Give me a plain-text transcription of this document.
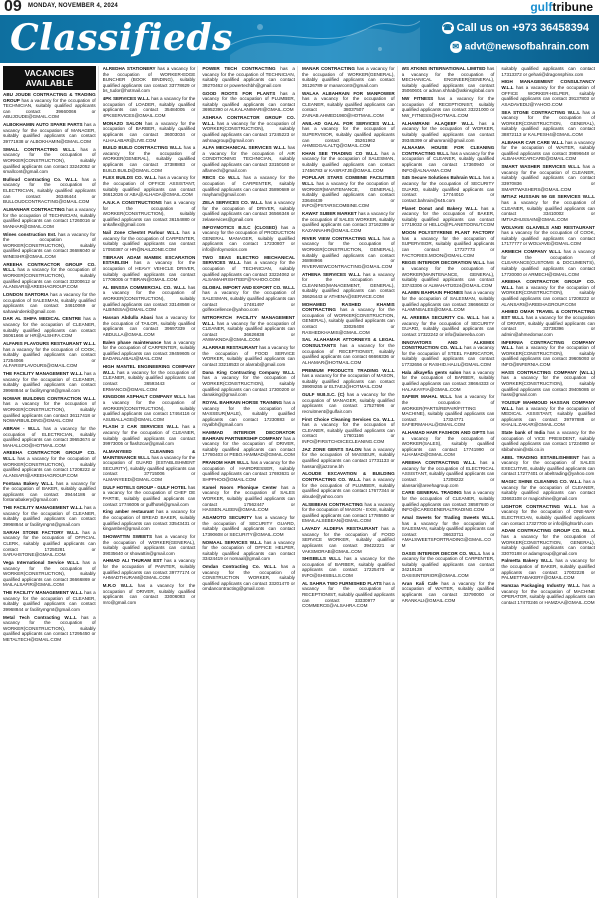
09 MONDAY, NOVEMBER 4, 2024	gulftribune
Classifieds	☎ Call us on +973 36458394
✉ advt@newsofbahrain.com
VACANCIES AVAILABLE

ABU JOUDE CONTRACTING & TRADING GROUP has a vacancy for the occupation of TECHNICIAN, suitably qualified applicants can contact 39660066 or ABUJOUDE@GMAIL.COM

ALBOKHAMIN AUTO SPARE PARTS has a vacancy for the occupation of MANAGER, suitably qualified applicants can contact 39771938 or ALBOKHAMIN@GMAIL.COM

SMALL CONTRACTING W.L.L has a vacancy for the occupation of WORKER(CONSTRUCTION), suitably qualified applicants can contact 33242052 or smallcont@gmail.com

Bulloud Contracting Co. W.L.L has a vacancy for the occupation of ELECTRICIAN, suitably qualified applicants can contact 36346444 or BULLOUDCONTRACTING@GMAIL.COM

ALMANHAR CONTRACTING has a vacancy for the occupation of TECHNICIAN, suitably qualified applicants can contact 17260016 or MANHAR@GMAIL.COM

Wines construction Est. has a vacancy for the occupation of WORKER(CONSTRUCTION), suitably qualified applicants can contact 36686040 or WINESHR@GMAIL.COM

AREEHA CONTRACTOR GROUP CO. W.L.L has a vacancy for the occupation of WORKER(CONSTRUCTION), suitably qualified applicants can contact 33200612 or ALANSARI@AREEHAGROUP.COM

LONDON SARTORIA has a vacancy for the occupation of SALESMAN, suitably qualified applicants can contact 34610069 or sahawindenk@gmail.com

DAR AL SHIFA MEDICAL CENTRE has a vacancy for the occupation of CLEANER, suitably qualified applicants can contact 36061666 or HR@ALSHIFA.COM

ALFARIS FLAVOURS RESTAURANT W.L.L has a vacancy for the occupation of COOK, suitably qualified applicants can contact 17254066 or ALFARISFLAVOURS@GMAIL.COM

THE FACILITY MANAGEMENT W.L.L has a vacancy for the occupation of CLEANER, suitably qualified applicants can contact 39968844 or facilitymgmt@gmail.com

NOWAR BUILDING CONTRACTION W.L.L has a vacancy for the occupation of WORKER(CONSTRUCTION), suitably qualified applicants can contact 36117418 or NOWARBUILDING@GMAIL.COM

ABRAH - W.L.L has a vacancy for the occupation of ELECTRICIAN, suitably qualified applicants can contact 39653674 or MAHALLOO@HOTMAIL.COM

AREEHA CONTRACTOR GROUP CO. W.L.L has a vacancy for the occupation of WORKER(CONSTRUCTION), suitably qualified applicants can contact 17208222 or ALANSARI@AREEHAGROUP.COM

Fontana Bakery W.L.L has a vacancy for the occupation of BAKER, suitably qualified applicants can contact 39444186 or fontanabakery@gmail.com

THE FACILITY MANAGEMENT W.L.L has a vacancy for the occupation of CLEANER, suitably qualified applicants can contact 39968844 or facilitymgmt@gmail.com

SARAH STONE FACTORY W.L.L has a vacancy for the occupation of OFFICIAL CLERK, suitably qualified applicants can contact 17250281 or SARAHSTONE@GMAIL.COM

Vega International Service W.L.L has a vacancy for the occupation of WORKER(CONSTRUCTION), suitably qualified applicants can contact 36666869 or MAILALSAFIR@GMAIL.COM

THE FACILITY MANAGEMENT W.L.L has a vacancy for the occupation of CLEANER, suitably qualified applicants can contact 39968844 or facilitymgmt@gmail.com

Metal Tech Contracting W.L.L has a vacancy for the occupation of WORKER(CONSTRUCTION), suitably qualified applicants can contact 17295450 or METALTECH@GMAIL.COM

ALREDHA STATIONERY has a vacancy for the occupation of WORKER-EDGE BUNCHER (BOOK BINDING), suitably qualified applicants can contact 33778629 or bs_tudor@hotmail.com

4PK SERVICES W.L.L has a vacancy for the occupation of LOADER, suitably qualified applicants can contact 35484005 or 4PKSERVICES@GMAIL.COM

MONAZO SALON has a vacancy for the occupation of BARBER, suitably qualified applicants can contact 36003034 or ALHALABAR@LIVE.COM

BUILD BUILD CONTRACTING W.L.L has a vacancy for the occupation of WORKER(GENERAL), suitably qualified applicants can contact 37388883 or BUILD.BUILD@GMAIL.COM

FLEX BUILDS CO. W.L.L has a vacancy for the occupation of OFFICE ASSISTANT, suitably qualified applicants can contact 36612026 or ABA@ALHADA@GMAIL.COM

A.N.K.A CONSTRUCTIONS has a vacancy for the occupation of WORKER(CONSTRUCTION), suitably qualified applicants can contact 36154880 or ankaflex@gmail.com

Nail Zone Chestnt Parlour W.L.L has a vacancy for the occupation of CARPENTER, suitably qualified applicants can contact 17050387 or HR@NAILZONE.COM

TIBRAAN ADAM MAMEK ESCARATION ESTABLISH has a vacancy for the occupation of HEAVY VEHICLE DRIVER, suitably qualified applicants can contact 17706005 or TIBRAN@GMAIL.COM

AL BINSSA COMMERCIAL CO. W.L.L has a vacancy for the occupation of WORKER(CONSTRUCTION), suitably qualified applicants can contact 33148568 or ALBINSSA@GMAIL.COM

Hassan Abdulla Abasi has a vacancy for the occupation of TAILOR, suitably qualified applicants can contact 39697339 or ABDULLA@GMAIL.COM

Balen phase maintenance has a vacancy for the occupation of CARPENTER, suitably qualified applicants can contact 39459605 or BADANLAIBAU@MAIL.COM

HIGH MANTEL ENGINEERING COMPANY W.L.L has a vacancy for the occupation of CLEANER, suitably qualified applicants can contact 36593443 or ERMANCO@GMAIL.COM

KINGDOM ASPHALT COMPANY W.L.L has a vacancy for the occupation of WORKER(CONSTRUCTION), suitably qualified applicants can contact 17464116 or ASUBALLAGE@GMAIL.COM

FLASH 2 CAR SERVICES W.L.L has a vacancy for the occupation of CLEANER, suitably qualified applicants can contact 39973005 or flash2car@gmail.com

ALMANYEED CLEANING & MAINTENANCE W.L.L has a vacancy for the occupation of GUARD (ESTABLISHMENT SECURITY), suitably qualified applicants can contact 37715006 or ALMANYEED@GMAIL.COM

GULF HOTELS GROUP - GULF HOTEL has a vacancy for the occupation of CHEF DE PARTIE, suitably qualified applicants can contact 17746006 or gulfhotel@gmail.com

King amber restaurant has a vacancy for the occupation of BREAD BAKER, suitably qualified applicants can contact 33543431 or kingamber@gmail.com

SHOWATTIN SWEETS has a vacancy for the occupation of WORKER(GENERAL), suitably qualified applicants can contact 39035640 or showattin@gmail.com

AHMAD ALI THURAM EST has a vacancy for the occupation of PAINTER, suitably qualified applicants can contact 39777174 or AHMADTHURAM@GMAIL.COM

M.R.O W.L.L has a vacancy for the occupation of DRIVER, suitably qualified applicants can contact 33006083 or mro@gmail.com

POWER TECH CONTRACTING has a vacancy for the occupation of TECHNICIAN, suitably qualified applicants can contact 39270462 or powertechbh@gmail.com

GOOD ROOTS FOR PLANTS has a vacancy for the occupation of PLUMBER, suitably qualified applicants can contact 36952390 or ALKALANIMARI@GMAIL.COM

ASHRAA CONTRACTOR GROUP CO. W.L.L has a vacancy for the occupation of WORKER(CONSTRUCTION), suitably qualified applicants can contact 17245223 or ashraagroup@gmail.com

ALFA MECHANICAL SERVICES W.L.L has a vacancy for the occupation of AIR CONDITIONING TECHNICIAN, suitably qualified applicants can contact 33150160 or alfamech@gmail.com

RBCS Co W.L.L has a vacancy for the occupation of CARPENTER, suitably qualified applicants can contact 35890689 or mayham@gmail.com

ZELA SERVICES CO. W.L.L has a vacancy for the occupation of DRIVER, suitably qualified applicants can contact 36566346 or zelaservices@gmail.com

INFOYMOTICS B.S.C (CLOSED) has a vacancy for the occupation of PRODUCTION GENERAL MANAGER, suitably qualified applicants can contact 17230807 or info@infoymotics.com

TWO SEAS ELECTRO MECHANICAL SERVICES W.L.L has a vacancy for the occupation of TECHNICIAN, suitably qualified applicants can contact 33224062 or ALSAMAHRISHTEEF@YAHOO.COM

GLOBAL IMPORT AND EXPORT CO. W.L.L has a vacancy for the occupation of SALESMAN, suitably qualified applicants can contact 17481497 or golfexcellence@yahoo.com

NITROPATCH FACILITY MANAGEMENT W.L.L has a vacancy for the occupation of CLEANER, suitably qualified applicants can contact 36626838 or ANWAKNDA@GMAIL.COM

ALARRAB RESTAURANT has a vacancy for the occupation of FOOD SERVICE WORKER, suitably qualified applicants can contact 33218533 or alarrab@gmail.com

Dana King Contracting Company W.L.L has a vacancy for the occupation of WORKER(CONSTRUCTION), suitably qualified applicants can contact 17300200 or danaking@gmail.com

ROYAL BAHRAIN HORSE TRAINING has a vacancy for the occupation of MASSEUR(MALE), suitably qualified applicants can contact 17230883 or royalbh@gmail.com

HAMMAD INTERIOR DECORATOR BAHRAIN PARTNERSHIP COMPANY has a vacancy for the occupation of DRIVER, suitably qualified applicants can contact 17780403 or PEBO.HAMMAD@GMAIL.COM

PRANOM HAIR W.L.L has a vacancy for the occupation of HAIRDRESSER, suitably qualified applicants can contact 17693631 or SHPPHOO@GMAIL.COM

Kamel Noors Phonique Center has a vacancy for the occupation of SALES WORKER, suitably qualified applicants can contact 17562447 or HASSEN.ALEEN@GMAIL.COM

AGAMOTO SECURITY has a vacancy for the occupation of SECURITY GUARD, suitably qualified applicants can contact 17390608 or SECURITY@GMAIL.COM

NOMAAL SERVICES W.L.L has a vacancy for the occupation of OFFICE HELPER, suitably qualified applicants can contact 33424419 or nomaal@gmail.com

Omdan Contracting Co. W.L.L has a vacancy for the occupation of CONSTRUCTION WORKER, suitably qualified applicants can contact 33201470 or omdancontracting@gmail.com

MANAR CONTRACTING has a vacancy for the occupation of WORKER(GENERAL), suitably qualified applicants can contact 36126789 or manarcontr@gmail.com

WALAA ALBAHRAIN FOR MANPOWER has a vacancy for the occupation of CLEANER, suitably qualified applicants can contact 38037507 or ZAINAB.AHMED1980@HOTMAIL.COM

ANIL-AD GALAL FOR SERVICES W.L.L has a vacancy for the occupation of SUPERVISOR, suitably qualified applicants can contact 35261962 or AHMEDGALALTQ@GMAIL.COM

KHAN SEE TRADING CO W.L.L has a vacancy for the occupation of SALESMAN, suitably qualified applicants can contact 17456783 or KASRATJE@GMAIL.COM

POPULAR STARS COMBINE FACILITIES W.L.L has a vacancy for the occupation of WORKER(MAINTENANCE, GENERAL), suitably qualified applicants can contact 33648439 or INFO@PSTARSCOMBINE.COM

KAWAT SUBER MARKET has a vacancy for the occupation of SALES WORKER, suitably qualified applicants can contact 37162399 or KAZANNAHR@GMAIL.COM

RIVER VIEW CONTRACTING W.L.L has a vacancy for the occupation of WORKER(CONSTRUCTION, GENERAL), suitably qualified applicants can contact 36898966 or RIVERVIEWCONTRACTING@GMAIL.COM

ATHENA SERVICES W.L.L has a vacancy for the occupation of CLEANING(MANAGEMENT, GENERAL), suitably qualified applicants can contact 36626443 or ATHENA@SERVICE.COM

MOHAMED RASHED KHAMIS CONTRACTING has a vacancy for the occupation of WORKER(CONSTRUCTION, GENERAL), suitably qualified applicants can contact 33026408 or RASHEDKHAMIS@GMAIL.COM

SAL ALAHAMAR ATTORNEYS & LEGAL CONSULTANTS has a vacancy for the occupation of RECEPTIONIST, suitably qualified applicants can contact 66666336 or ALHAMAR@HOTMAIL.COM

PREMIUM PRODUCTS TRADING W.L.L has a vacancy for the occupation of MASON, suitably qualified applicants can contact 39909255 or ELTAEJ@HOTMAIL.COM

GULF W.B.S.C. (C) has a vacancy for the occupation of MANAGER, suitably qualified applicants can contact 17527696 or recruitment@gulfair.com

First Choice Cleaning Services Co. W.L.L has a vacancy for the occupation of CLEANER, suitably qualified applicants can contact 17601166 or INFO@FIRSTCHOICECLEANING.COM

JAZ ZONE GENTS SALON has a vacancy for the occupation of MASSEUR, suitably qualified applicants can contact 17731133 or hassan@jazzone.bh

ALOUDE EXCAVATION & BUILDING CONTRACTING CO. W.L.L has a vacancy for the occupation of PLUMBER, suitably qualified applicants can contact 17677344 or aloude@yahoo.com

ALSEBEAN CONTRACTING has a vacancy for the occupation of MASON - EXSI, suitably qualified applicants can contact 17785550 or EMAILALSEBEAN@GMAIL.COM

LAVADY ALDEFIA RESTAURANT has a vacancy for the occupation of FOOD SERVICE WORKER, suitably qualified applicants can contact 39422221 or VAKSMORAB@GMAIL.COM

SHISBILLS W.L.L has a vacancy for the occupation of BARBER, suitably qualified applicants can contact 17225470 or INFO@SHISBILLS.COM

AL SAHRA TWO FURNISHED FLATS has a vacancy for the occupation of RECEPTIONIST, suitably qualified applicants can contact 33330977 or COMMERCE@ALSAHRA.COM

WS ATKINS INTERNATIONAL LIMITED has a vacancy for the occupation of MECHANICAL ENGINEER(GENERAL), suitably qualified applicants can contact 35060601 or adnan.shhab@atkinsglobal.com

NW FITNESS has a vacancy for the occupation of RECEPTIONIST, suitably qualified applicants can contact 33221000 or NW_FITNESS@HOTMAIL.COM

ALHAMRANI ALAQEEF W.L.L has a vacancy for the occupation of WORKER, suitably qualified applicants can contact 39345399 or alhamrani@gmail.com

ALNAAMA HOUSE FOR CLEANING CONTRACTING W.L.L has a vacancy for the occupation of CLEANER, suitably qualified applicants can contact 17360940 or INFO@ALNAAMA.COM

S45 Secure Solutions Bahrain W.L.L has a vacancy for the occupation of SECURITY GUARD, suitably qualified applicants can contact 17744010 or contact.bahrain@s45.com

Planet Donut and Bakery W.L.L has a vacancy for the occupation of BAKER, suitably qualified applicants can contact 17719032 or HELLO@PLANETDONUT.COM

MOON POLYSTYRENE PLANT FACTORY has a vacancy for the occupation of SUPERVISOR, suitably qualified applicants can contact 17727773 or FACTORIES.MOON@GMAIL.COM

REGIS INTERIOR DECORATION W.L.L has a vacancy for the occupation of WORKER(MAINTENANCE, GENERAL), suitably qualified applicants can contact 33743306 or ALWAHATI2024@GMAIL.COM

ALAMIN BAHRAIN PHONES has a vacancy for the occupation of SALESMAN, suitably qualified applicants can contact 36666632 or ALAMINSALES@GMAIL.COM

AL AREEBA SECURITY Co. W.L.L has a vacancy for the occupation of SECURITY GUARD, suitably qualified applicants can contact 17322242 or info@alareeba.com

INNOVATORS AND ALKEMIX CONSTRUCTION CO. W.L.L has a vacancy for the occupation of STEEL FABRICATOR, suitably qualified applicants can contact 17732656 or RASHID.HALIL@GMAIL.COM

Hala alkayefia gents salon has a vacancy for the occupation of BARBER, suitably qualified applicants can contact 38664333 or HALAKAYFIA@GMAIL.COM

SAFIER MAHAL W.L.L has a vacancy for the occupation of WORKER(PARTS/REPAIR/FITTING MACHINE), suitably qualified applicants can contact 17324771 or SAFIERMAHAL@GMAIL.COM

ALHAMAD HAIR FASHION AND GIFTS has a vacancy for the occupation of WORKER(SALES), suitably qualified applicants can contact 17741990 or ALHAMAD@GMAIL.COM

AREEHA CONTRACTING W.L.L has a vacancy for the occupation of ELECTRICAL ASSISTANT, suitably qualified applicants can contact 17208222 or alansari@areehagroup.com

CARE GENERAL TRADING has a vacancy for the occupation of CLEANER, suitably qualified applicants can contact 36587840 or INFO@CAREGENERALTRADING.COM

Amal Sweets for Trading Sweets W.L.L has a vacancy for the occupation of SALESMAN, suitably qualified applicants can contact 36633711 or AMALSWEETSFORTRADING@GMAIL.COM

OASIS INTERIOR DECOR CO. W.L.L has a vacancy for the occupation of CARPENTER, suitably qualified applicants can contact 34219128 or OASISINTERIOR@GMAIL.COM

Aran Kali Cafe has a vacancy for the occupation of WAITER, suitably qualified applicants can contact 33790000 or ARANKALI@GMAIL.COM

suitably qualified applicants can contact 17313372 or gehari@dragonsphinx.com

HIGH MANAGEMENT CONSULTANCY W.L.L has a vacancy for the occupation of OFFICE WORKER-HELPER, suitably qualified applicants can contact 39137803 or ASADAVEDIJ@YAHOO.COM

SEA STONE CONTRACTING W.L.L has a vacancy for the occupation of WORKER(CONSTRUCTION, GENERAL), suitably qualified applicants can contact 38872113 or KALPESH4@GMAIL.COM

ALBAHAR CAR CARE W.L.L has a vacancy for the occupation of WAITER, suitably qualified applicants can contact 39696648 or ALBAHARCARCARE@GMAIL.COM

SMART WASHER SERVICES W.L.L has a vacancy for the occupation of CLEANER, suitably qualified applicants can contact 33970836 or SMARTWASHERS@GMAIL.COM

IMTIAZ HUSSAIN 59 GE SERVICES W.L.L has a vacancy for the occupation of CLEANER, suitably qualified applicants can contact 33410002 or IMTIAZHUSSAIN@GMAIL.COM

WOLVAVE GLAIVELS AND RESTAURANT has a vacancy for the occupation of COOK, suitably qualified applicants can contact 17177777 or WOLVAVE@GMAIL.COM

ARMECH COMPANY W.L.L has a vacancy for the occupation of CLEARANCE(CUSTOMS & DOCUMENTS), suitably qualified applicants can contact 17720000 or ARMECH@GMAIL.COM

AREEHA CONTRACTOR GROUP CO. W.L.L has a vacancy for the occupation of WORKER(CONSTRUCTION), suitably qualified applicants can contact 17208222 or ALANSARI@AREEHAGROUP.COM

AHMED OMAR TRAVEL & CONTRACTING EST W.L.L has a vacancy for the occupation of DRIVER, suitably qualified applicants can contact 33738396 or admin@ahmedomar.com

INFERNIA CONTRACTING COMPANY W.L.L has a vacancy for the occupation of WORKER(CONSTRUCTION), suitably qualified applicants can contact 39605093 or INFO@INFERNIA.COM

HASS CONTRACTING COMPANY (W.L.L) has a vacancy for the occupation of WORKER(CONSTRUCTION), suitably qualified applicants can contact 39405085 or hass@gmail.com

YOUSUF MAHMOUD HASSAN COMPANY W.L.L has a vacancy for the occupation of MEDICAL ASSISTANT, suitably qualified applicants can contact 39797888 or KHALIL.ZAKAR@GMAIL.COM

State bank of India has a vacancy for the occupation of VICE PRESIDENT, suitably qualified applicants can contact 17224880 or sbibahrain@sbi.co.in

ABEL TRADING ESTABLISHMENT has a vacancy for the occupation of SALES EXECUTIVE, suitably qualified applicants can contact 17277401 or abeltrading@yahoo.com

MAGIC SHINE CLEANING CO. W.L.L has a vacancy for the occupation of CLEANER, suitably qualified applicants can contact 33663108 or magicshine@gmail.com

LIGHTOR CONTRACTING W.L.L has a vacancy for the occupation of ONE-WAY ELECTRICIAN, suitably qualified applicants can contact 17327700 or info@lightorbh.com

ADAM CONTRACTING GROUP CO. W.L.L has a vacancy for the occupation of WORKER(CONSTRUCTION, GENERAL), suitably qualified applicants can contact 33070188 or adamgroup@gmail.com

Palmetta Bakery W.L.L has a vacancy for the occupation of BAKER, suitably qualified applicants can contact 17002228 or PALMETTABAKERY@GMAIL.COM

Hamzaa Packaging Industry W.L.L has a vacancy for the occupation of MACHINE OPERATOR, suitably qualified applicants can contact 17470246 or HAMZAA@GMAIL.COM
